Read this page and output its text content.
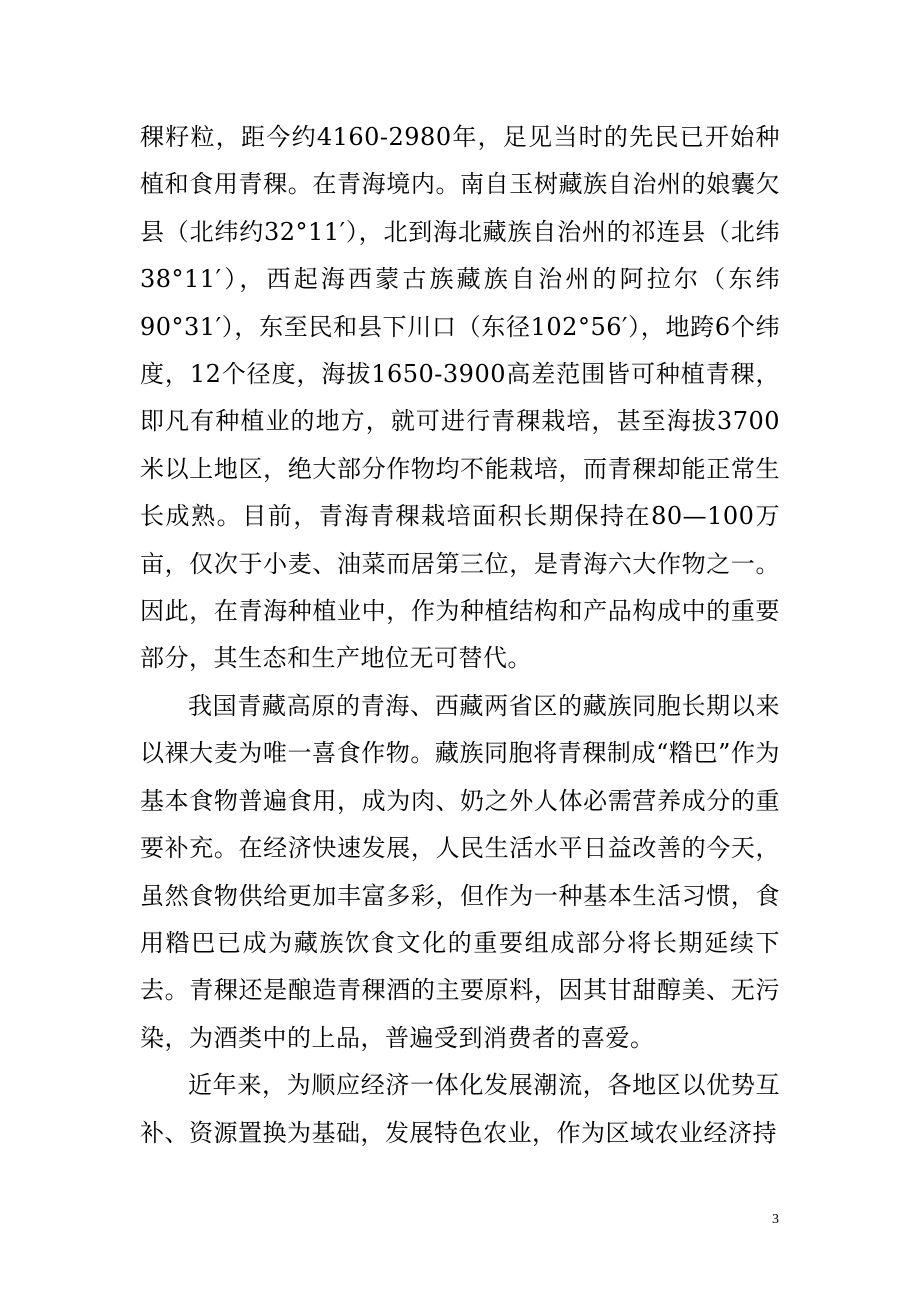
稞籽粒，距今约4160-2980年，足见当时的先民已开始种植和食用青稞。在青海境内。南自玉树藏族自治州的娘囊欠县（北纬约32°11′），北到海北藏族自治州的祁连县（北纬38°11′），西起海西蒙古族藏族自治州的阿拉尔（东纬90°31′），东至民和县下川口（东径102°56′），地跨6个纬度，12个径度，海拔1650-3900高差范围皆可种植青稞，即凡有种植业的地方，就可进行青稞栽培，甚至海拔3700米以上地区，绝大部分作物均不能栽培，而青稞却能正常生长成熟。目前，青海青稞栽培面积长期保持在80—100万亩，仅次于小麦、油菜而居第三位，是青海六大作物之一。因此，在青海种植业中，作为种植结构和产品构成中的重要部分，其生态和生产地位无可替代。

我国青藏高原的青海、西藏两省区的藏族同胞长期以来以裸大麦为唯一喜食作物。藏族同胞将青稞制成“糌巴”作为基本食物普遍食用，成为肉、奶之外人体必需营养成分的重要补充。在经济快速发展，人民生活水平日益改善的今天，虽然食物供给更加丰富多彩，但作为一种基本生活习惯，食用糌巴已成为藏族饮食文化的重要组成部分将长期延续下去。青稞还是酿造青稞酒的主要原料，因其甘甜醇美、无污染，为酒类中的上品，普遍受到消费者的喜爱。

近年来，为顺应经济一体化发展潮流，各地区以优势互补、资源置换为基础，发展特色农业，作为区域农业经济持

3
